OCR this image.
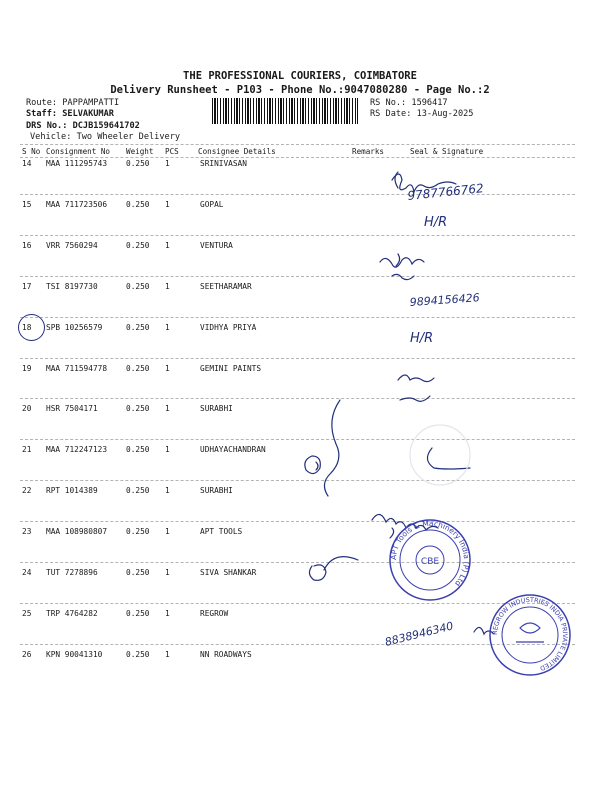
THE PROFESSIONAL COURIERS, COIMBATORE
Delivery Runsheet - P103 - Phone No.:9047080280 - Page No.:2
Route: PAPPAMPATTI
Staff: SELVAKUMAR
DRS No.: DCJB159641702
Vehicle: Two Wheeler Delivery
RS No.: 1596417
RS Date: 13-Aug-2025
S No Consignment No Weight PCS	Consignee Details	Remarks	Seal & Signature
14 MAA 111295743 0.250 1	SRINIVASAN
15 MAA 711723506 0.250 1	GOPAL
16 VRR 7560294	0.250 1	VENTURA
17 TSI 8197730	0.250 1	SEETHARAMAR
18 SPB 10256579	0.250 1	VIDHYA PRIYA
19 MAA 711594778 0.250 1	GEMINI PAINTS
20 HSR 7504171	0.250 1	SURABHI
21 MAA 712247123 0.250 1	UDHAYACHANDRAN
22 RPT 1014389	0.250 1	SURABHI
23 MAA 108980807 0.250 1	APT TOOLS
24 TUT 7278896	0.250 1	SIVA SHANKAR
25 TRP 4764282	0.250 1	REGROW
26 KPN 90041310	0.250 1	NN ROADWAYS
9787766762
H/R
9894156426
H/R
8838946340
CBE
APT Tools & Machinery India (P) Ltd
REGROW INDUSTRIES INDIA PRIVATE LIMITED
